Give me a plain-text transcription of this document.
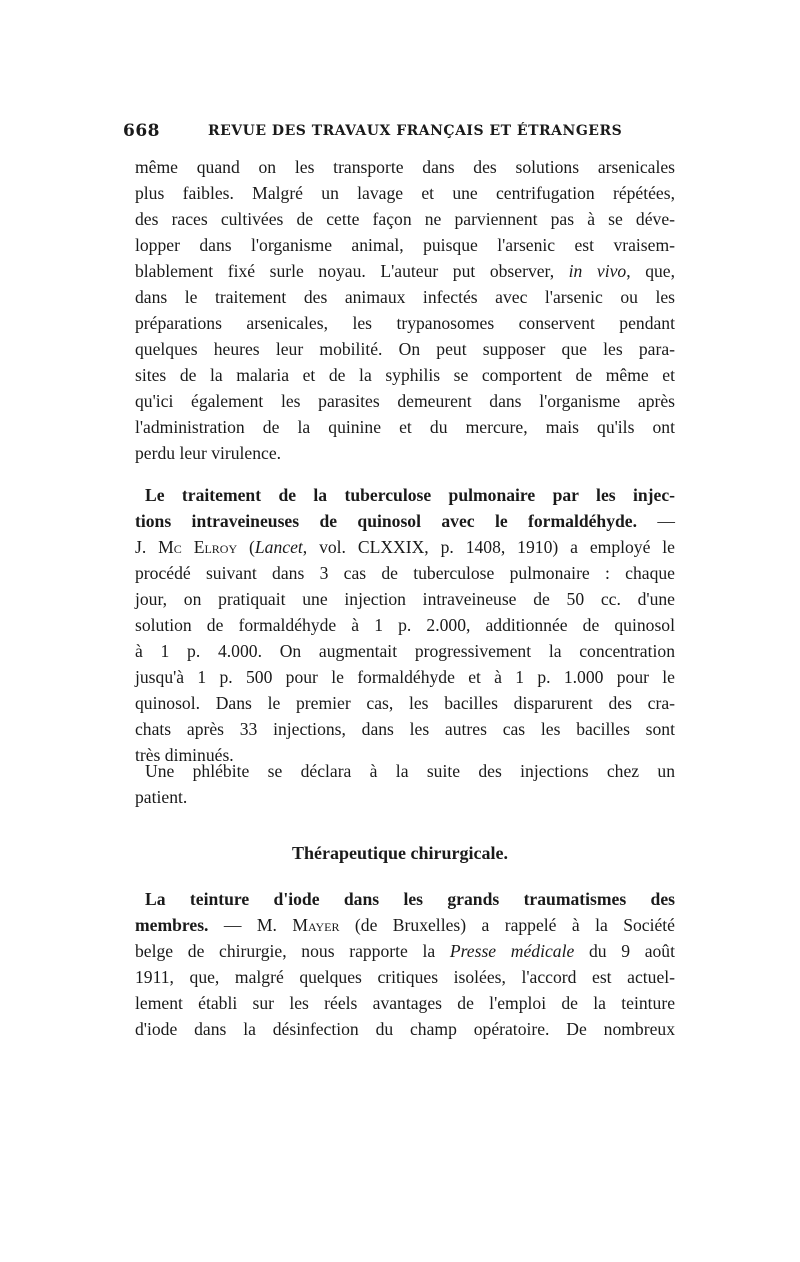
668	REVUE DES TRAVAUX FRANÇAIS ET ÉTRANGERS
même quand on les transporte dans des solutions arsenicales
plus faibles. Malgré un lavage et une centrifugation répétées,
des races cultivées de cette façon ne parviennent pas à se déve-
lopper dans l'organisme animal, puisque l'arsenic est vraisem-
blablement fixé surle noyau. L'auteur put observer, in vivo, que,
dans le traitement des animaux infectés avec l'arsenic ou les
préparations arsenicales, les trypanosomes conservent pendant
quelques heures leur mobilité. On peut supposer que les para-
sites de la malaria et de la syphilis se comportent de même et
qu'ici également les parasites demeurent dans l'organisme après
l'administration de la quinine et du mercure, mais qu'ils ont
perdu leur virulence.
Le traitement de la tuberculose pulmonaire par les injec-
tions intraveineuses de quinosol avec le formaldéhyde. —
J. Mc Elroy (Lancet, vol. CLXXIX, p. 1408, 1910) a employé le
procédé suivant dans 3 cas de tuberculose pulmonaire : chaque
jour, on pratiquait une injection intraveineuse de 50 cc. d'une
solution de formaldéhyde à 1 p. 2.000, additionnée de quinosol
à 1 p. 4.000. On augmentait progressivement la concentration
jusqu'à 1 p. 500 pour le formaldéhyde et à 1 p. 1.000 pour le
quinosol. Dans le premier cas, les bacilles disparurent des cra-
chats après 33 injections, dans les autres cas les bacilles sont
très diminués.
Une phlébite se déclara à la suite des injections chez un
patient.
Thérapeutique chirurgicale.
La teinture d'iode dans les grands traumatismes des
membres. — M. Mayer (de Bruxelles) a rappelé à la Société
belge de chirurgie, nous rapporte la Presse médicale du 9 août
1911, que, malgré quelques critiques isolées, l'accord est actuel-
lement établi sur les réels avantages de l'emploi de la teinture
d'iode dans la désinfection du champ opératoire. De nombreux
